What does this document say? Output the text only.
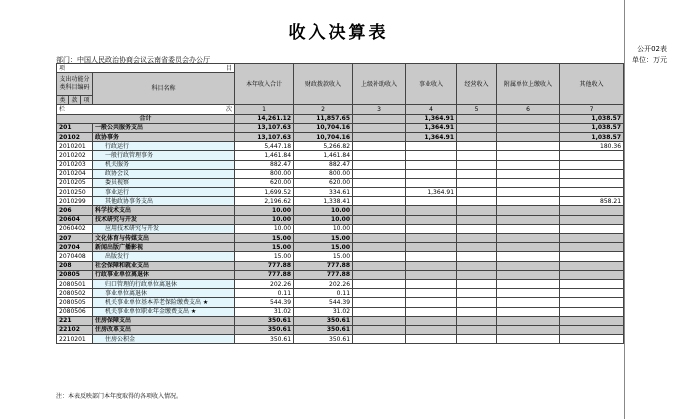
收入决算表
公开02表
部门：中国人民政治协商会议云南省委员会办公厅	单位：万元
项 目				本年收入合计	财政拨款收入	上级补助收入	事业收入	经营收入	附属单位上缴收入	其他收入
支出功能分类科目编码			科目名称							
类	款	项								
栏 次				1	2	3	4	5	6	7
合计				14,261.12	11,857.65		1,364.91			1,038.57
201			一般公共服务支出	13,107.63	10,704.16		1,364.91			1,038.57
20102			政协事务	13,107.63	10,704.16		1,364.91			1,038.57
2010201			行政运行	5,447.18	5,266.82					180.36
2010202			一般行政管理事务	1,461.84	1,461.84					
2010203			机关服务	882.47	882.47					
2010204			政协会议	800.00	800.00					
2010205			委员视察	620.00	620.00					
2010250			事业运行	1,699.52	334.61		1,364.91			
2010299			其他政协事务支出	2,196.62	1,338.41					858.21
206			科学技术支出	10.00	10.00					
20604			技术研究与开发	10.00	10.00					
2060402			应用技术研究与开发	10.00	10.00					
207			文化体育与传媒支出	15.00	15.00					
20704			新闻出版广播影视	15.00	15.00					
2070408			出版发行	15.00	15.00					
208			社会保障和就业支出	777.88	777.88					
20805			行政事业单位离退休	777.88	777.88					
2080501			归口管理的行政单位离退休	202.26	202.26					
2080502			事业单位离退休	0.11	0.11					
2080505			机关事业单位基本养老保险缴费支出 ★	544.39	544.39					
2080506			机关事业单位职业年金缴费支出 ★	31.02	31.02					
221			住房保障支出	350.61	350.61					
22102			住房改革支出	350.61	350.61					
2210201			住房公积金	350.61	350.61					
注：本表反映部门本年度取得的各项收入情况。
